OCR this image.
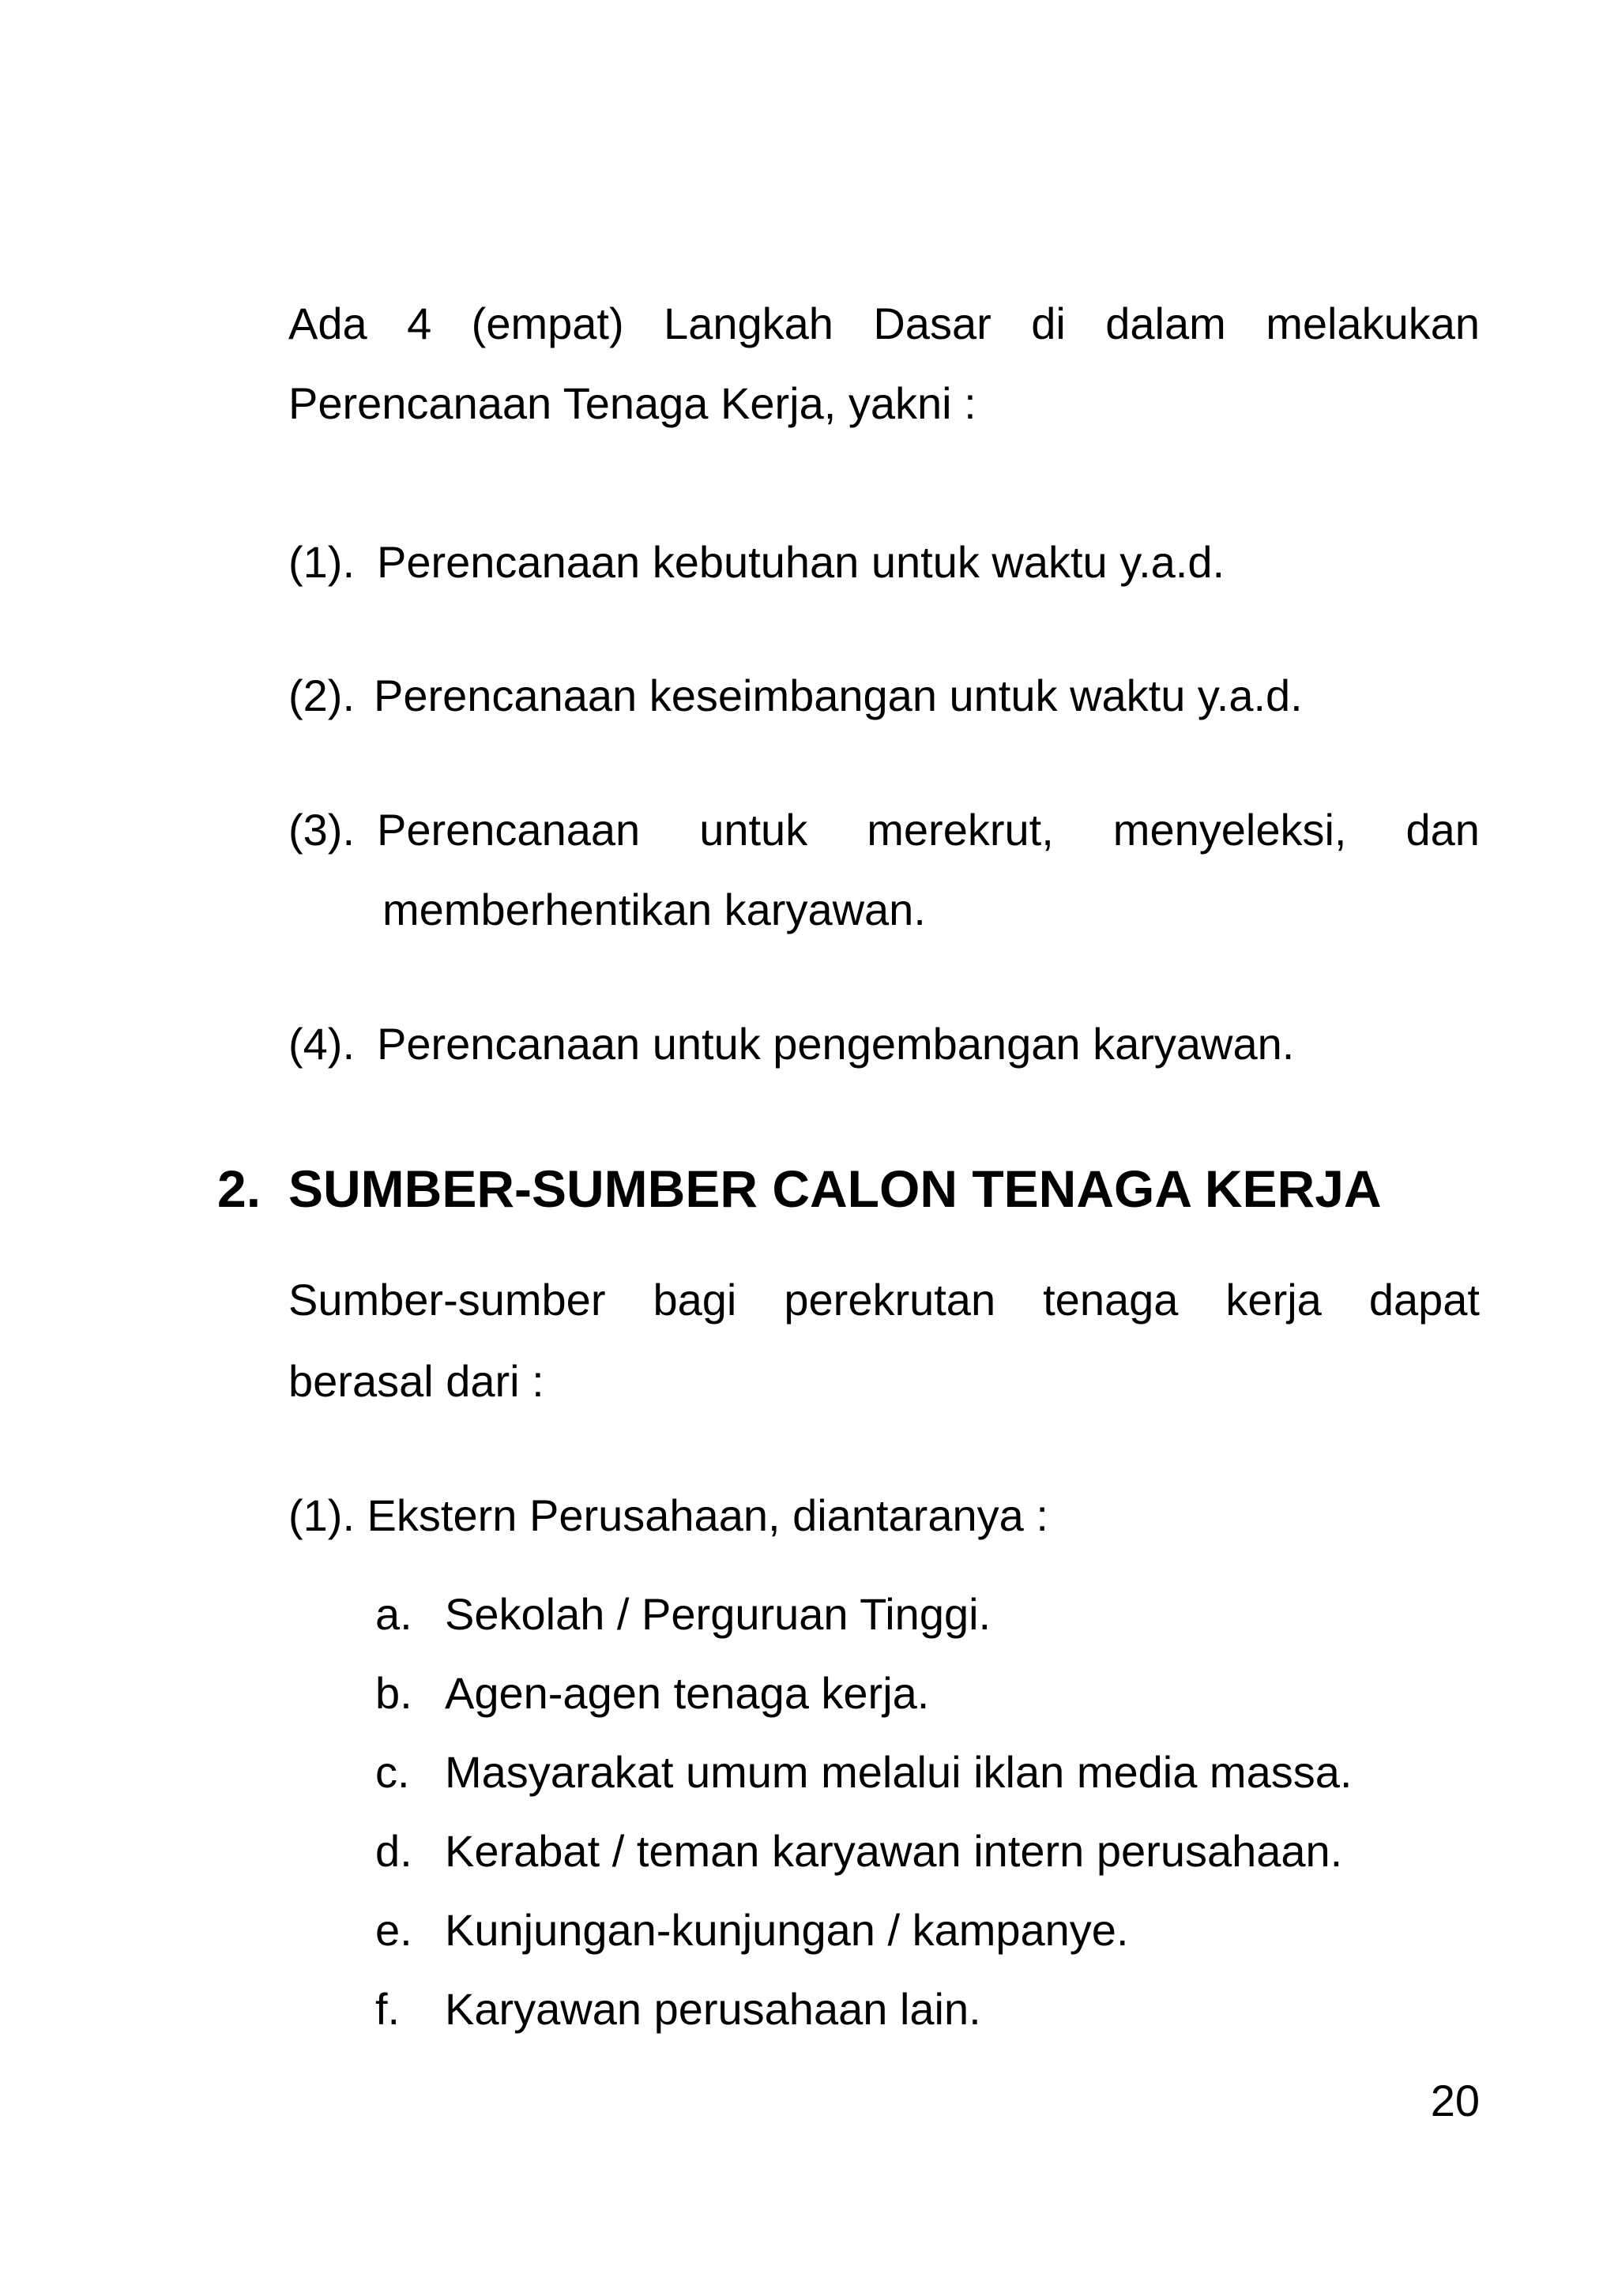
Ada 4 (empat) Langkah Dasar di dalam melakukan
Perencanaan Tenaga Kerja, yakni :
(1). Perencanaan kebutuhan untuk waktu y.a.d.
(2). Perencanaan keseimbangan untuk waktu y.a.d.
(3). Perencanaan untuk merekrut, menyeleksi, dan
memberhentikan karyawan.
(4). Perencanaan untuk pengembangan karyawan.
2. SUMBER-SUMBER CALON TENAGA KERJA
Sumber-sumber bagi perekrutan tenaga kerja dapat
berasal dari :
(1). Ekstern Perusahaan, diantaranya :
a. Sekolah / Perguruan Tinggi.
b. Agen-agen tenaga kerja.
c. Masyarakat umum melalui iklan media massa.
d. Kerabat / teman karyawan intern perusahaan.
e. Kunjungan-kunjungan / kampanye.
f. Karyawan perusahaan lain.
20
